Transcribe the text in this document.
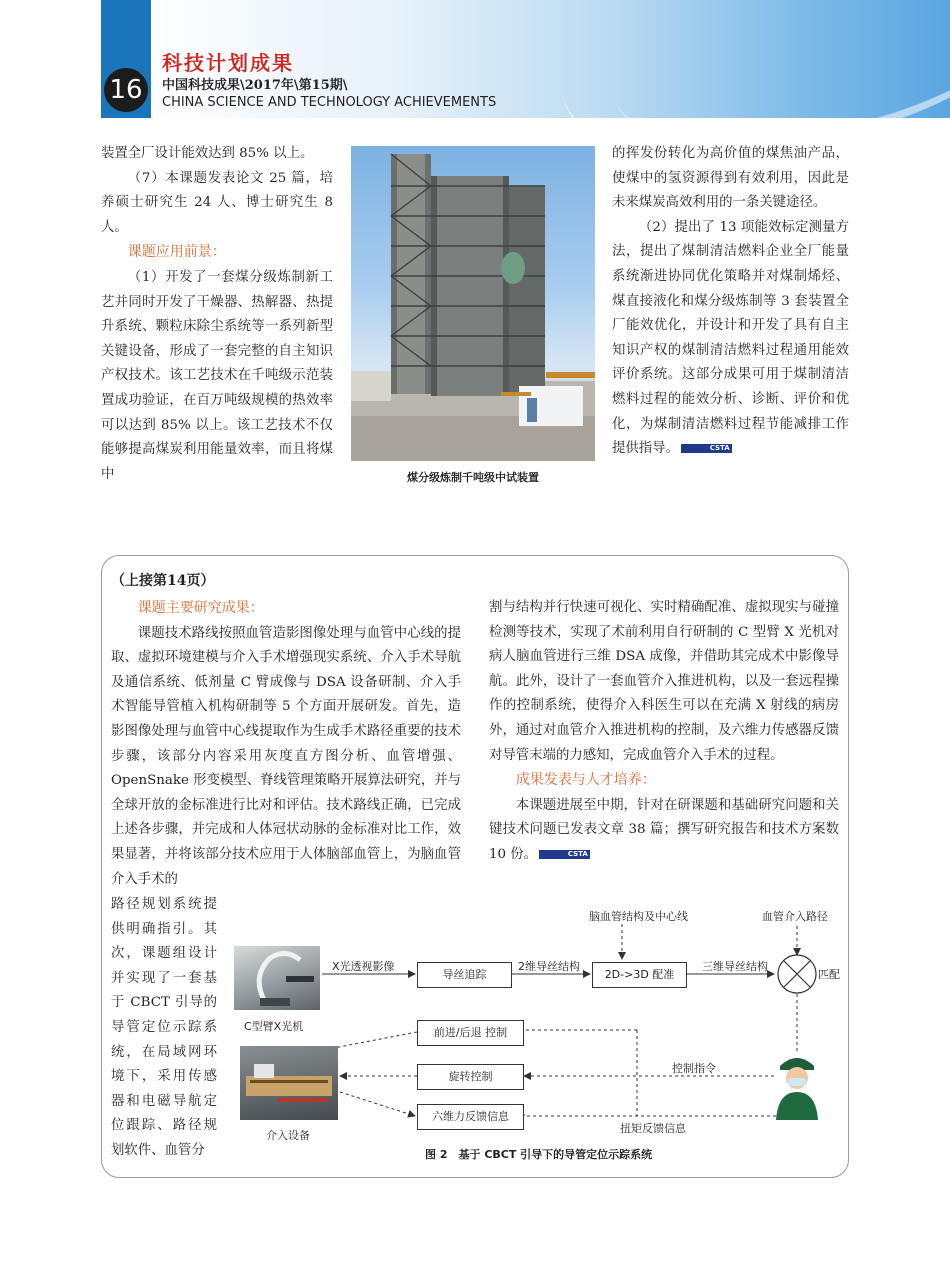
16
科技计划成果
中国科技成果\2017年\第15期\
CHINA SCIENCE AND TECHNOLOGY ACHIEVEMENTS

装置全厂设计能效达到 85% 以上。

（7）本课题发表论文 25 篇，培养硕士研究生 24 人、博士研究生 8 人。

课题应用前景：

（1）开发了一套煤分级炼制新工艺并同时开发了干燥器、热解器、热提升系统、颗粒床除尘系统等一系列新型关键设备，形成了一套完整的自主知识产权技术。该工艺技术在千吨级示范装置成功验证，在百万吨级规模的热效率可以达到 85% 以上。该工艺技术不仅能够提高煤炭利用能量效率，而且将煤中	煤分级炼制千吨级中试装置

的挥发份转化为高价值的煤焦油产品，使煤中的氢资源得到有效利用，因此是未来煤炭高效利用的一条关键途径。

（2）提出了 13 项能效标定测量方法，提出了煤制清洁燃料企业全厂能量系统渐进协同优化策略并对煤制烯烃、煤直接液化和煤分级炼制等 3 套装置全厂能效优化，并设计和开发了具有自主知识产权的煤制清洁燃料过程通用能效评价系统。这部分成果可用于煤制清洁燃料过程的能效分析、诊断、评价和优化，为煤制清洁燃料过程节能减排工作提供指导。	CSTA

（上接第14页）

课题主要研究成果：

课题技术路线按照血管造影图像处理与血管中心线的提取、虚拟环境建模与介入手术增强现实系统、介入手术导航及通信系统、低剂量 C 臂成像与 DSA 设备研制、介入手术智能导管植入机构研制等 5 个方面开展研发。首先，造影图像处理与血管中心线提取作为生成手术路径重要的技术步骤，该部分内容采用灰度直方图分析、血管增强、OpenSnake 形变模型、脊线管理策略开展算法研究，并与全球开放的金标准进行比对和评估。技术路线正确，已完成上述各步骤，并完成和人体冠状动脉的金标准对比工作，效果显著，并将该部分技术应用于人体脑部血管上，为脑血管介入手术的

路径规划系统提供明确指引。其次，课题组设计并实现了一套基于 CBCT 引导的导管定位示踪系统，在局域网环境下，采用传感器和电磁导航定位跟踪、路径规划软件、血管分

割与结构并行快速可视化、实时精确配准、虚拟现实与碰撞检测等技术，实现了术前利用自行研制的 C 型臂 X 光机对病人脑血管进行三维 DSA 成像，并借助其完成术中影像导航。此外，设计了一套血管介入推进机构，以及一套远程操作的控制系统，使得介入科医生可以在充满 X 射线的病房外，通过对血管介入推进机构的控制，及六维力传感器反馈对导管末端的力感知，完成血管介入手术的过程。

成果发表与人才培养：

本课题进展至中期，针对在研课题和基础研究问题和关键技术问题已发表文章 38 篇；撰写研究报告和技术方案数 10 份。	CSTA

C型臂X光机
介入设备
X光透视影像
导丝追踪
2维导丝结构
2D->3D 配准
三维导丝结构
匹配
脑血管结构及中心线	血管介入路径
前进/后退 控制
旋转控制
六维力反馈信息
控制指令
扭矩反馈信息
图 2　基于 CBCT 引导下的导管定位示踪系统
